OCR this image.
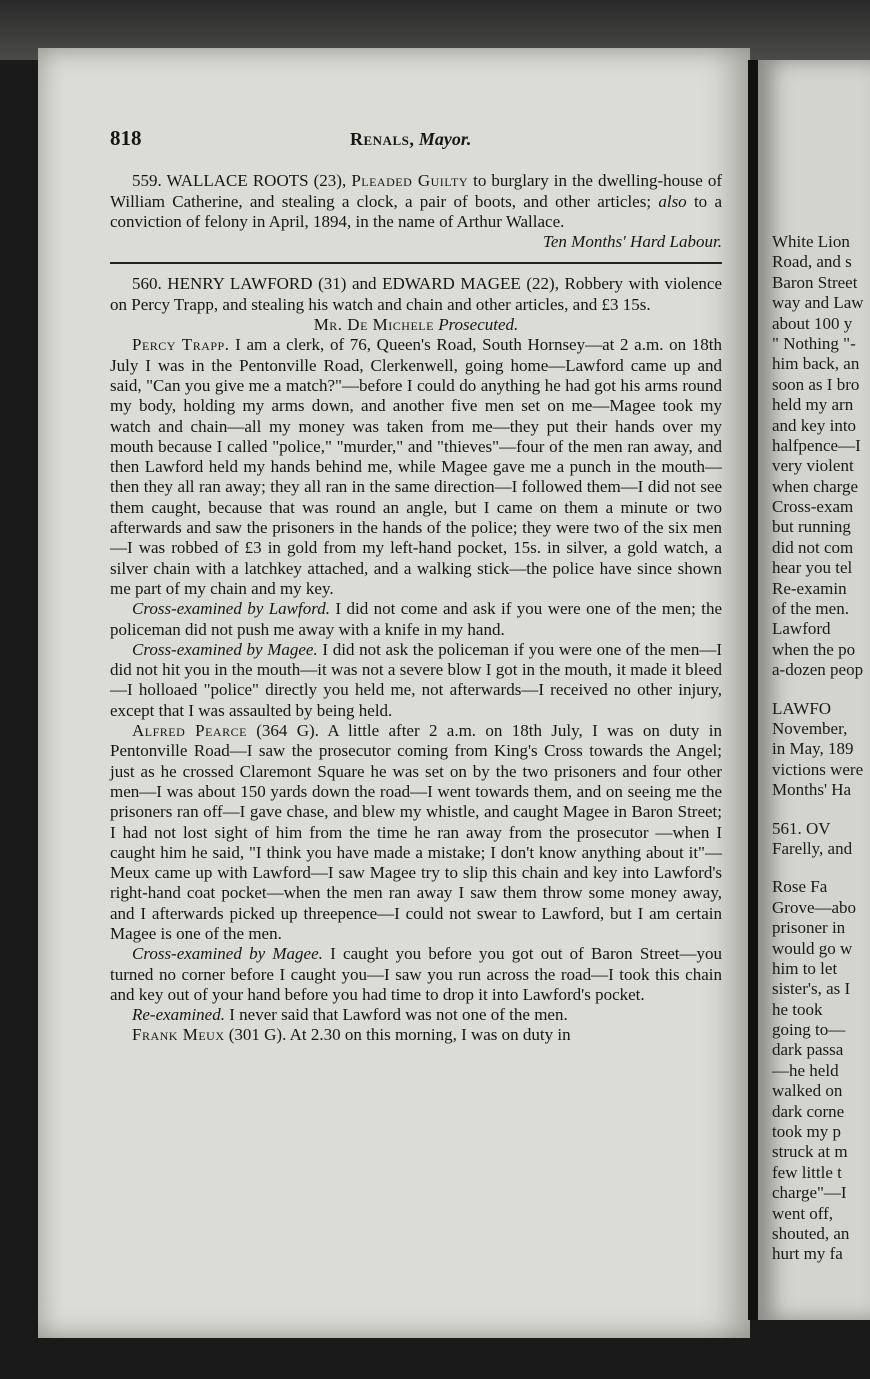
White Lion
Road, and s
Baron Street
way and Law
about 100 y
" Nothing "-
him back, an
soon as I bro
held my arn
and key into
halfpence—I
very violent
when charge
Cross-exam
but running
did not com
hear you tel
Re-examin
of the men.
Lawford
when the po
a-dozen peop
LAWFO
November,
in May, 189
victions were
Months' Ha
561. OV
Farelly, and
Rose Fa
Grove—abo
prisoner in
would go w
him to let
sister's, as I
he took
going to—
dark passa
—he held
walked on
dark corne
took my p
struck at m
few little t
charge"—I
went off,
shouted, an
hurt my fa
818	Renals, Mayor.

559. WALLACE ROOTS (23), Pleaded Guilty to burglary in the dwelling-house of William Catherine, and stealing a clock, a pair of boots, and other articles; also to a conviction of felony in April, 1894, in the name of Arthur Wallace.
Ten Months' Hard Labour.

560. HENRY LAWFORD (31) and EDWARD MAGEE (22), Robbery with violence on Percy Trapp, and stealing his watch and chain and other articles, and £3 15s.

Mr. De Michele Prosecuted.

Percy Trapp. I am a clerk, of 76, Queen's Road, South Hornsey—at 2 a.m. on 18th July I was in the Pentonville Road, Clerkenwell, going home—Lawford came up and said, "Can you give me a match?"—before I could do anything he had got his arms round my body, holding my arms down, and another five men set on me—Magee took my watch and chain—all my money was taken from me—they put their hands over my mouth because I called "police," "murder," and "thieves"—four of the men ran away, and then Lawford held my hands behind me, while Magee gave me a punch in the mouth—then they all ran away; they all ran in the same direction—I followed them—I did not see them caught, because that was round an angle, but I came on them a minute or two afterwards and saw the prisoners in the hands of the police; they were two of the six men—I was robbed of £3 in gold from my left-hand pocket, 15s. in silver, a gold watch, a silver chain with a latchkey attached, and a walking stick—the police have since shown me part of my chain and my key.

Cross-examined by Lawford. I did not come and ask if you were one of the men; the policeman did not push me away with a knife in my hand.

Cross-examined by Magee. I did not ask the policeman if you were one of the men—I did not hit you in the mouth—it was not a severe blow I got in the mouth, it made it bleed—I holloaed "police" directly you held me, not afterwards—I received no other injury, except that I was assaulted by being held.

Alfred Pearce (364 G). A little after 2 a.m. on 18th July, I was on duty in Pentonville Road—I saw the prosecutor coming from King's Cross towards the Angel; just as he crossed Claremont Square he was set on by the two prisoners and four other men—I was about 150 yards down the road—I went towards them, and on seeing me the prisoners ran off—I gave chase, and blew my whistle, and caught Magee in Baron Street; I had not lost sight of him from the time he ran away from the prosecutor —when I caught him he said, "I think you have made a mistake; I don't know anything about it"—Meux came up with Lawford—I saw Magee try to slip this chain and key into Lawford's right-hand coat pocket—when the men ran away I saw them throw some money away, and I afterwards picked up threepence—I could not swear to Lawford, but I am certain Magee is one of the men.

Cross-examined by Magee. I caught you before you got out of Baron Street—you turned no corner before I caught you—I saw you run across the road—I took this chain and key out of your hand before you had time to drop it into Lawford's pocket.

Re-examined. I never said that Lawford was not one of the men.

Frank Meux (301 G). At 2.30 on this morning, I was on duty in
